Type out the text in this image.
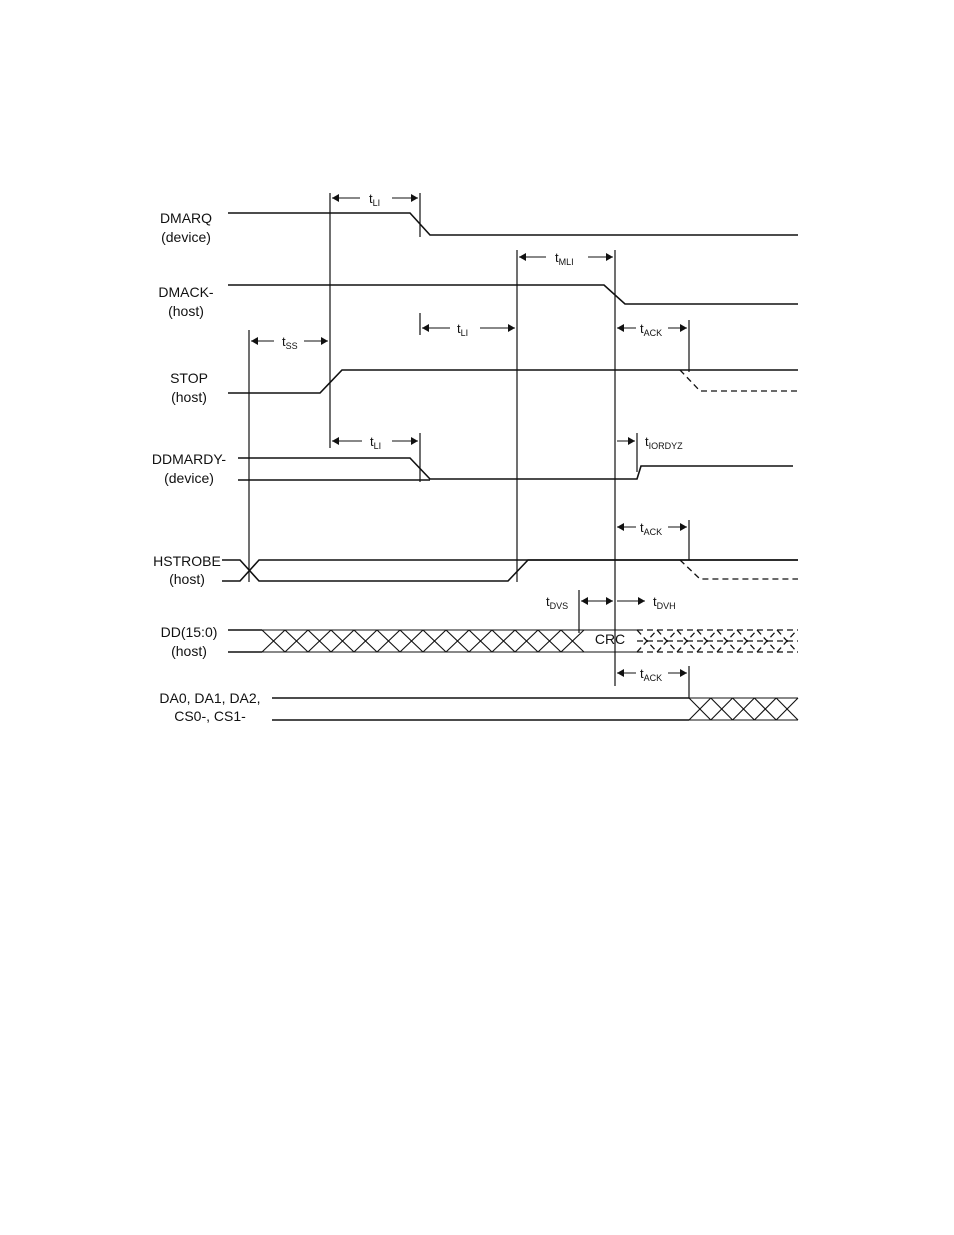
DMARQ
(device)
DMACK-
(host)
STOP
(host)
DDMARDY-
(device)
HSTROBE
(host)
DD(15:0)
(host)
DA0, DA1, DA2,
CS0-, CS1-
CRC
$t_{LI}$
$t_{MLI}$
$t_{SS}$
$t_{LI}$	$t_{ACK}$
$t_{LI}$	$t_{IORDYZ}$
$t_{ACK}$
$t_{DVS}$	$t_{DVH}$
$t_{ACK}$
